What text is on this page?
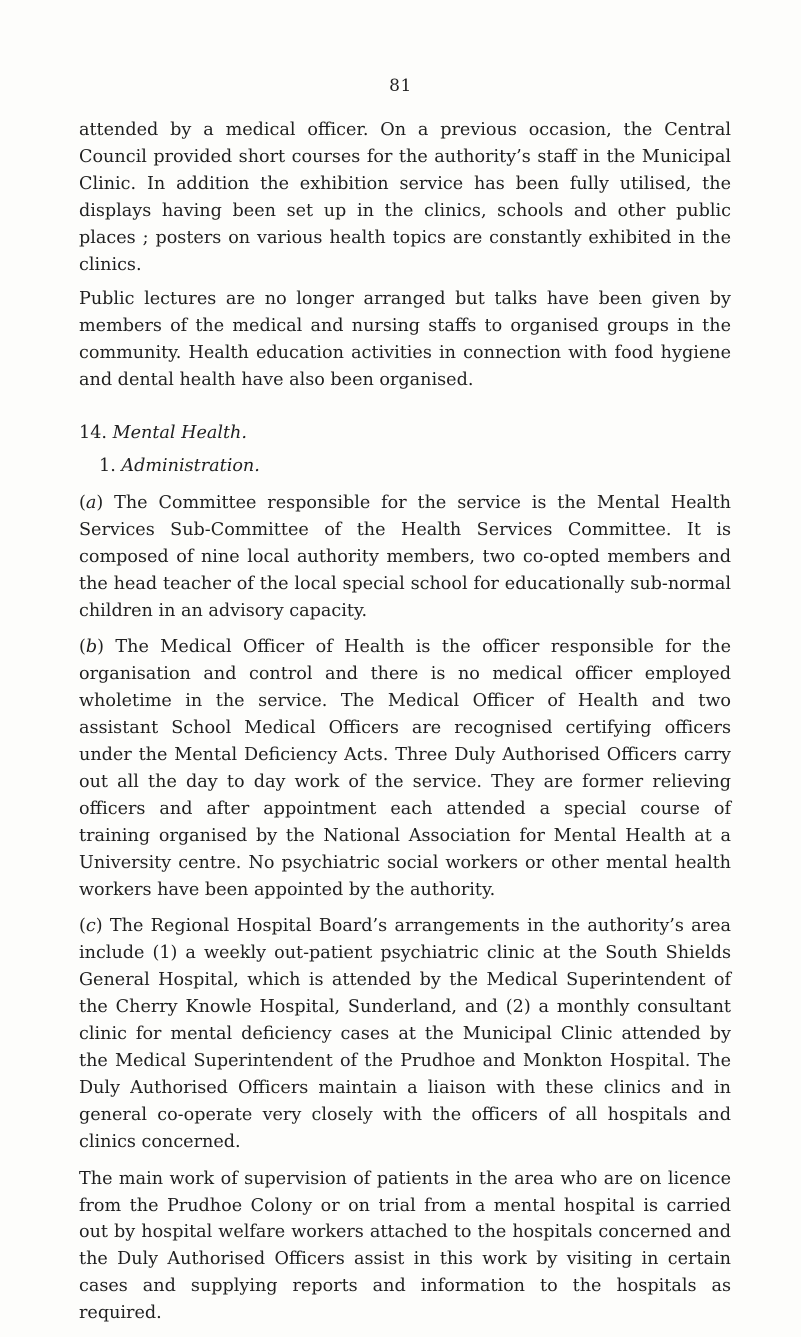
81

attended by a medical officer. On a previous occasion, the Central Council provided short courses for the authority’s staff in the Municipal Clinic. In addition the exhibition service has been fully utilised, the displays having been set up in the clinics, schools and other public places ; posters on various health topics are constantly exhibited in the clinics.

Public lectures are no longer arranged but talks have been given by members of the medical and nursing staffs to organised groups in the community. Health education activities in connection with food hygiene and dental health have also been organised.

14. Mental Health.

1. Administration.

(a) The Committee responsible for the service is the Mental Health Services Sub-Committee of the Health Services Committee. It is composed of nine local authority members, two co-opted members and the head teacher of the local special school for educationally sub-normal children in an advisory capacity.

(b) The Medical Officer of Health is the officer responsible for the organisation and control and there is no medical officer employed wholetime in the service. The Medical Officer of Health and two assistant School Medical Officers are recognised certifying officers under the Mental Deficiency Acts. Three Duly Authorised Officers carry out all the day to day work of the service. They are former relieving officers and after appointment each attended a special course of training organised by the National Association for Mental Health at a University centre. No psychiatric social workers or other mental health workers have been appointed by the authority.

(c) The Regional Hospital Board’s arrangements in the authority’s area include (1) a weekly out-patient psychiatric clinic at the South Shields General Hospital, which is attended by the Medical Superintendent of the Cherry Knowle Hospital, Sunderland, and (2) a monthly consultant clinic for mental deficiency cases at the Municipal Clinic attended by the Medical Superintendent of the Prudhoe and Monkton Hospital. The Duly Authorised Officers maintain a liaison with these clinics and in general co-operate very closely with the officers of all hospitals and clinics concerned.

The main work of supervision of patients in the area who are on licence from the Prudhoe Colony or on trial from a mental hospital is carried out by hospital welfare workers attached to the hospitals concerned and the Duly Authorised Officers assist in this work by visiting in certain cases and supplying reports and information to the hospitals as required.
